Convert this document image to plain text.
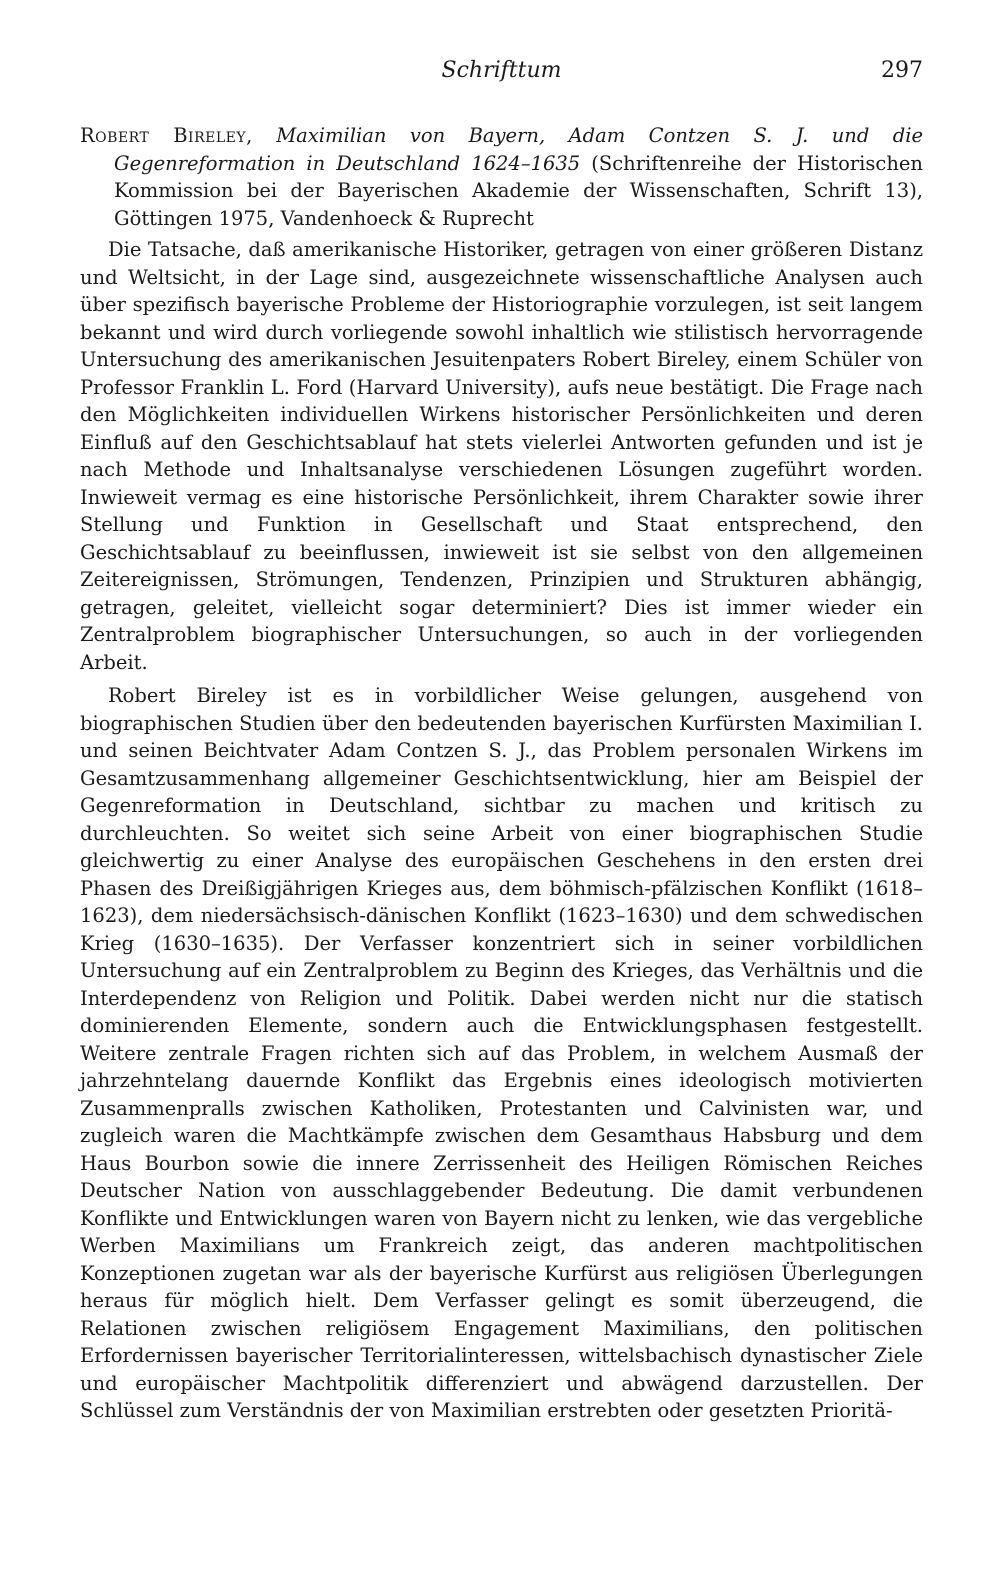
Schrifttum	297

Robert Bireley, Maximilian von Bayern, Adam Contzen S. J. und die Gegenreformation in Deutschland 1624–1635 (Schriftenreihe der Historischen Kommission bei der Bayerischen Akademie der Wissenschaften, Schrift 13), Göttingen 1975, Vandenhoeck & Ruprecht

Die Tatsache, daß amerikanische Historiker, getragen von einer größeren Distanz und Weltsicht, in der Lage sind, ausgezeichnete wissenschaftliche Analysen auch über spezifisch bayerische Probleme der Historiographie vorzulegen, ist seit langem bekannt und wird durch vorliegende sowohl inhaltlich wie stilistisch hervorragende Untersuchung des amerikanischen Jesuitenpaters Robert Bireley, einem Schüler von Professor Franklin L. Ford (Harvard University), aufs neue bestätigt. Die Frage nach den Möglichkeiten individuellen Wirkens historischer Persönlichkeiten und deren Einfluß auf den Geschichtsablauf hat stets vielerlei Antworten gefunden und ist je nach Methode und Inhaltsanalyse verschiedenen Lösungen zugeführt worden. Inwieweit vermag es eine historische Persönlichkeit, ihrem Charakter sowie ihrer Stellung und Funktion in Gesellschaft und Staat entsprechend, den Geschichtsablauf zu beeinflussen, inwieweit ist sie selbst von den allgemeinen Zeitereignissen, Strömungen, Tendenzen, Prinzipien und Strukturen abhängig, getragen, geleitet, vielleicht sogar determiniert? Dies ist immer wieder ein Zentralproblem biographischer Untersuchungen, so auch in der vorliegenden Arbeit.

Robert Bireley ist es in vorbildlicher Weise gelungen, ausgehend von biographischen Studien über den bedeutenden bayerischen Kurfürsten Maximilian I. und seinen Beichtvater Adam Contzen S. J., das Problem personalen Wirkens im Gesamtzusammenhang allgemeiner Geschichtsentwicklung, hier am Beispiel der Gegenreformation in Deutschland, sichtbar zu machen und kritisch zu durchleuchten. So weitet sich seine Arbeit von einer biographischen Studie gleichwertig zu einer Analyse des europäischen Geschehens in den ersten drei Phasen des Dreißigjährigen Krieges aus, dem böhmisch-pfälzischen Konflikt (1618–1623), dem niedersächsisch-dänischen Konflikt (1623–1630) und dem schwedischen Krieg (1630–1635). Der Verfasser konzentriert sich in seiner vorbildlichen Untersuchung auf ein Zentralproblem zu Beginn des Krieges, das Verhältnis und die Interdependenz von Religion und Politik. Dabei werden nicht nur die statisch dominierenden Elemente, sondern auch die Entwicklungsphasen festgestellt. Weitere zentrale Fragen richten sich auf das Problem, in welchem Ausmaß der jahrzehntelang dauernde Konflikt das Ergebnis eines ideologisch motivierten Zusammenpralls zwischen Katholiken, Protestanten und Calvinisten war, und zugleich waren die Machtkämpfe zwischen dem Gesamthaus Habsburg und dem Haus Bourbon sowie die innere Zerrissenheit des Heiligen Römischen Reiches Deutscher Nation von ausschlaggebender Bedeutung. Die damit verbundenen Konflikte und Entwicklungen waren von Bayern nicht zu lenken, wie das vergebliche Werben Maximilians um Frankreich zeigt, das anderen machtpolitischen Konzeptionen zugetan war als der bayerische Kurfürst aus religiösen Überlegungen heraus für möglich hielt. Dem Verfasser gelingt es somit überzeugend, die Relationen zwischen religiösem Engagement Maximilians, den politischen Erfordernissen bayerischer Territorialinteressen, wittelsbachisch dynastischer Ziele und europäischer Machtpolitik differenziert und abwägend darzustellen. Der Schlüssel zum Verständnis der von Maximilian erstrebten oder gesetzten Prioritä-
